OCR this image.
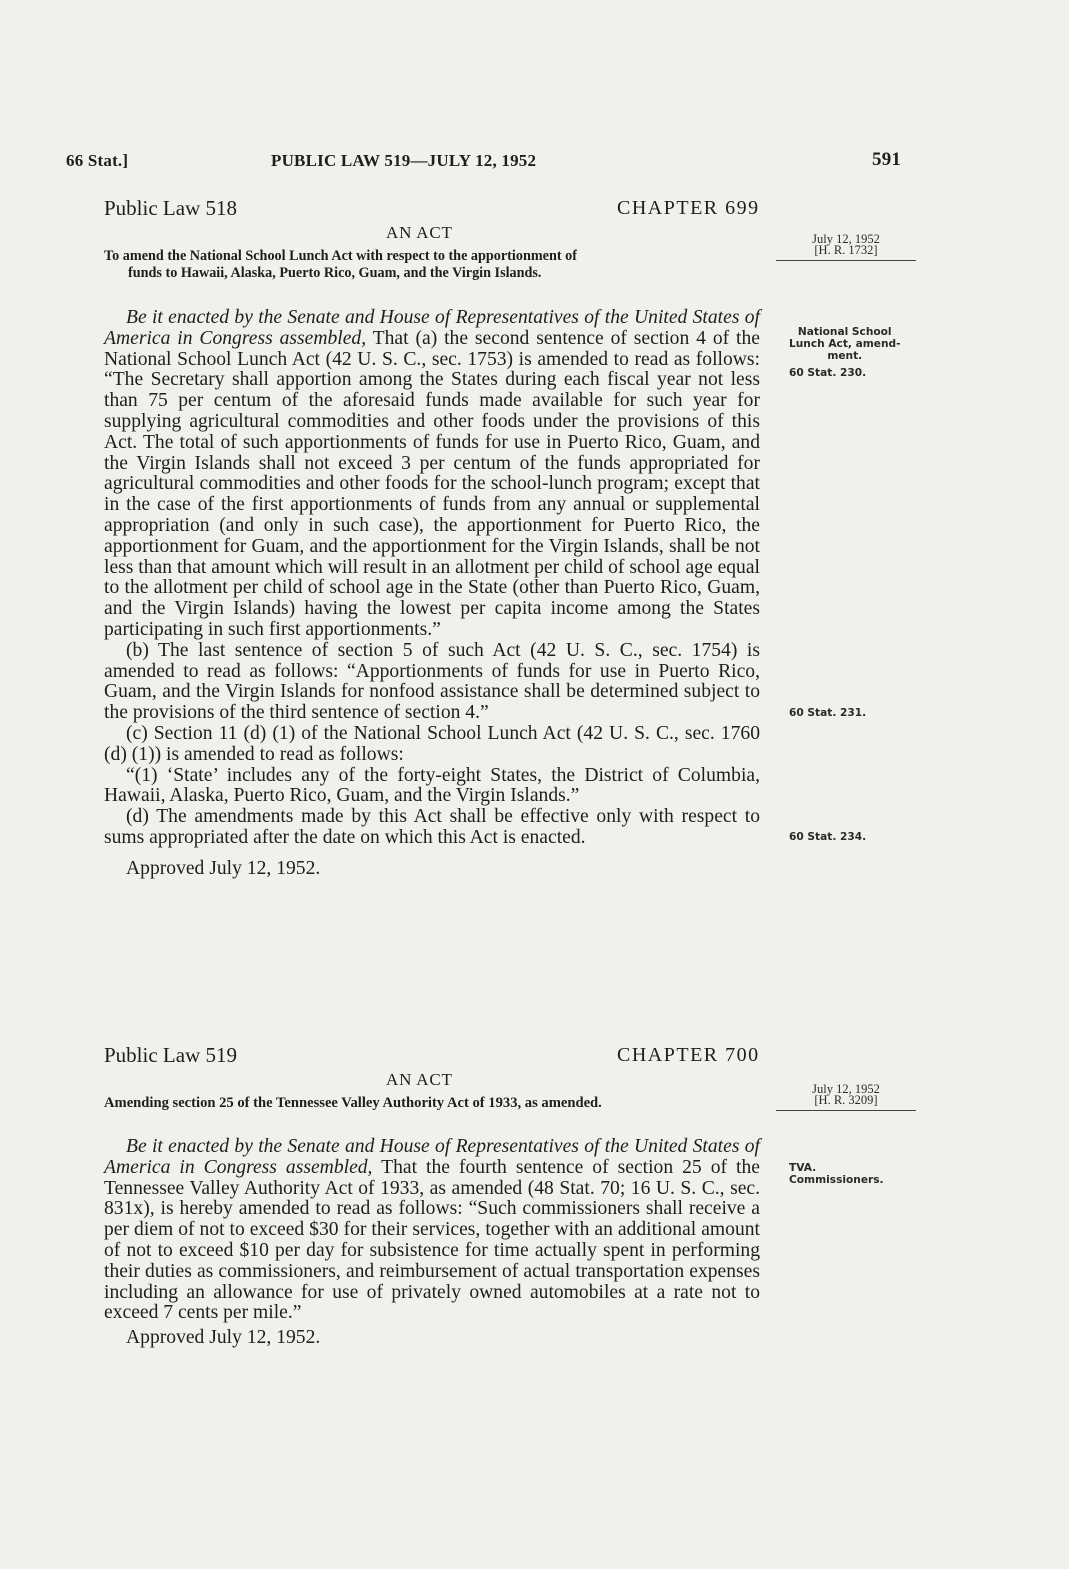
66 Stat.]	PUBLIC LAW 519—JULY 12, 1952	591
Public Law 518	CHAPTER 699
AN ACT
To amend the National School Lunch Act with respect to the apportionment of
funds to Hawaii, Alaska, Puerto Rico, Guam, and the Virgin Islands.
July 12, 1952
[H. R. 1732]

Be it enacted by the Senate and House of Representatives of the United States of America in Congress assembled, That (a) the second sentence of section 4 of the National School Lunch Act (42 U. S. C., sec. 1753) is amended to read as follows: “The Secretary shall apportion among the States during each fiscal year not less than 75 per centum of the aforesaid funds made available for such year for supplying agricultural commodities and other foods under the provisions of this Act. The total of such apportionments of funds for use in Puerto Rico, Guam, and the Virgin Islands shall not exceed 3 per centum of the funds appropriated for agricultural commodities and other foods for the school-lunch program; except that in the case of the first apportionments of funds from any annual or supplemental appropriation (and only in such case), the apportionment for Puerto Rico, the apportionment for Guam, and the apportionment for the Virgin Islands, shall be not less than that amount which will result in an allotment per child of school age equal to the allotment per child of school age in the State (other than Puerto Rico, Guam, and the Virgin Islands) having the lowest per capita income among the States participating in such first apportionments.”

(b) The last sentence of section 5 of such Act (42 U. S. C., sec. 1754) is amended to read as follows: “Apportionments of funds for use in Puerto Rico, Guam, and the Virgin Islands for nonfood assistance shall be determined subject to the provisions of the third sentence of section 4.”

(c) Section 11 (d) (1) of the National School Lunch Act (42 U. S. C., sec. 1760 (d) (1)) is amended to read as follows:

“(1) ‘State’ includes any of the forty-eight States, the District of Columbia, Hawaii, Alaska, Puerto Rico, Guam, and the Virgin Islands.”

(d) The amendments made by this Act shall be effective only with respect to sums appropriated after the date on which this Act is enacted.

Approved July 12, 1952.

National School
Lunch Act, amend-
ment.
60 Stat. 230.
60 Stat. 231.
60 Stat. 234.
Public Law 519	CHAPTER 700
AN ACT
Amending section 25 of the Tennessee Valley Authority Act of 1933, as amended.
July 12, 1952
[H. R. 3209]

Be it enacted by the Senate and House of Representatives of the United States of America in Congress assembled, That the fourth sentence of section 25 of the Tennessee Valley Authority Act of 1933, as amended (48 Stat. 70; 16 U. S. C., sec. 831x), is hereby amended to read as follows: “Such commissioners shall receive a per diem of not to exceed $30 for their services, together with an additional amount of not to exceed $10 per day for subsistence for time actually spent in performing their duties as commissioners, and reimbursement of actual transportation expenses including an allowance for use of privately owned automobiles at a rate not to exceed 7 cents per mile.”

Approved July 12, 1952.

TVA.
Commissioners.
